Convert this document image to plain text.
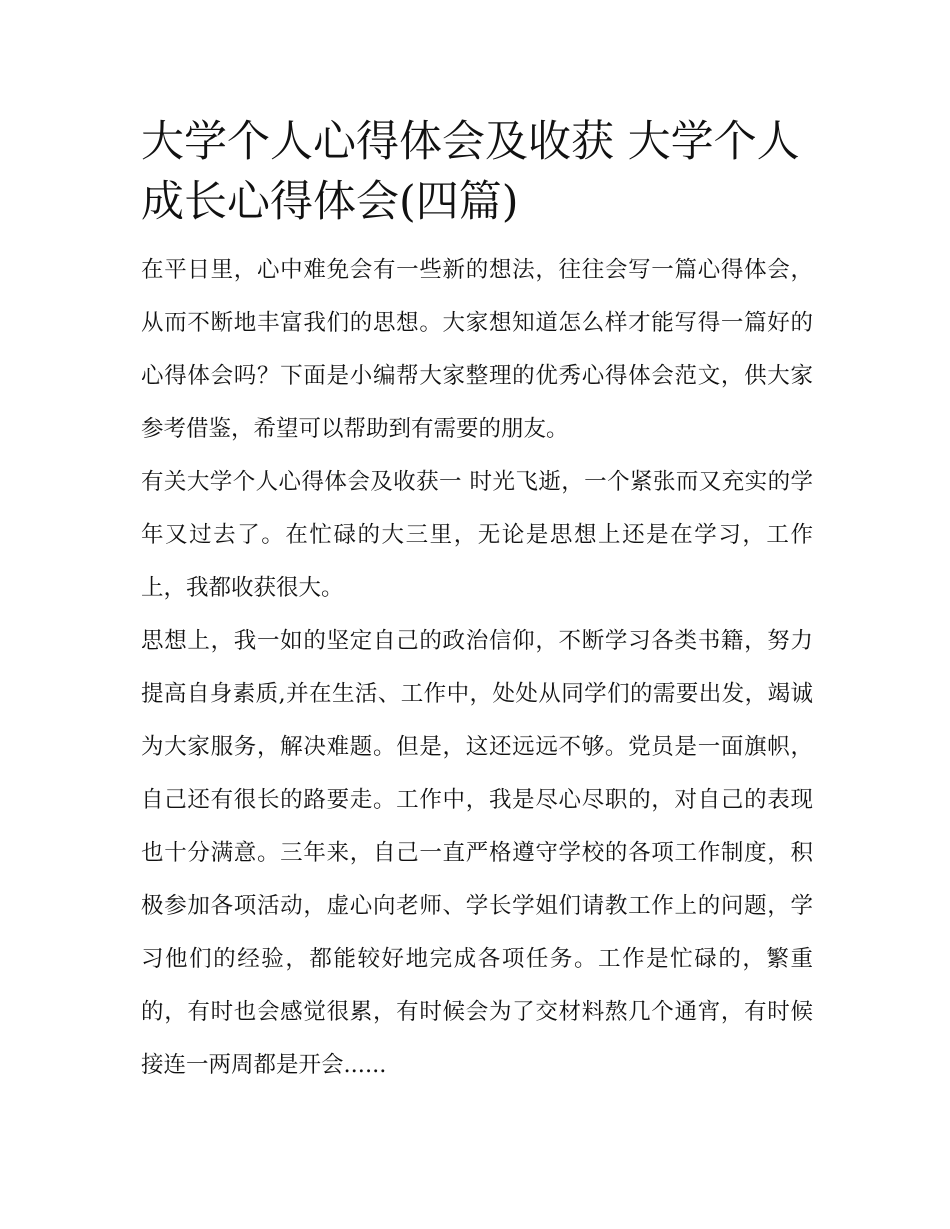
大学个人心得体会及收获 大学个人成长心得体会(四篇)

在平日里，心中难免会有一些新的想法，往往会写一篇心得体会，从而不断地丰富我们的思想。大家想知道怎么样才能写得一篇好的心得体会吗？下面是小编帮大家整理的优秀心得体会范文，供大家参考借鉴，希望可以帮助到有需要的朋友。

有关大学个人心得体会及收获一 时光飞逝，一个紧张而又充实的学年又过去了。在忙碌的大三里，无论是思想上还是在学习，工作上，我都收获很大。

思想上，我一如的坚定自己的政治信仰，不断学习各类书籍，努力提高自身素质,并在生活、工作中，处处从同学们的需要出发，竭诚为大家服务，解决难题。但是，这还远远不够。党员是一面旗帜，自己还有很长的路要走。工作中，我是尽心尽职的，对自己的表现也十分满意。三年来，自己一直严格遵守学校的各项工作制度，积极参加各项活动，虚心向老师、学长学姐们请教工作上的问题，学习他们的经验，都能较好地完成各项任务。工作是忙碌的，繁重的，有时也会感觉很累，有时候会为了交材料熬几个通宵，有时候接连一两周都是开会......
